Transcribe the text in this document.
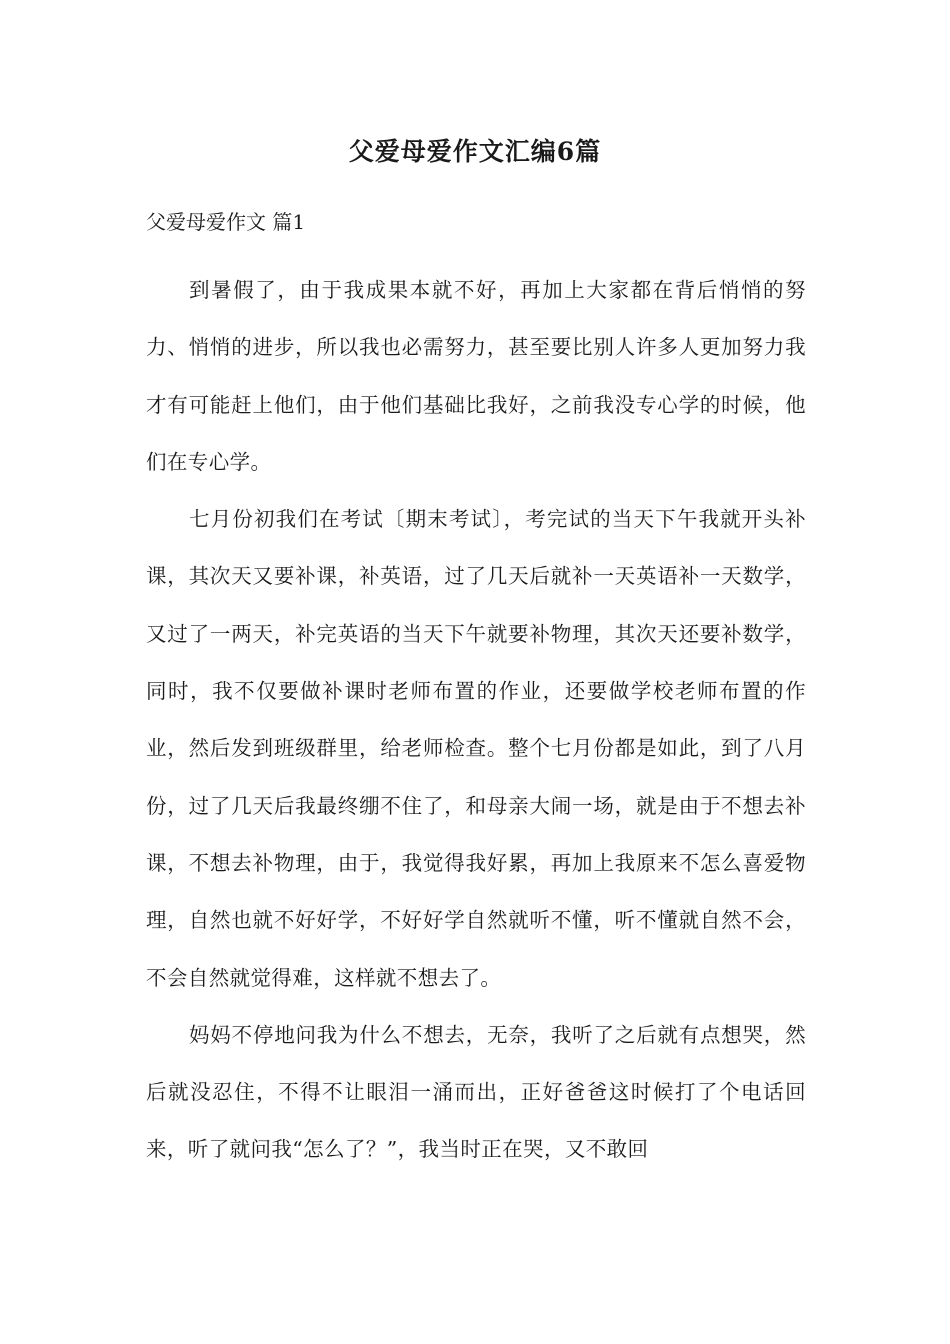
父爱母爱作文汇编6篇
父爱母爱作文 篇1

到暑假了，由于我成果本就不好，再加上大家都在背后悄悄的努力、悄悄的进步，所以我也必需努力，甚至要比别人许多人更加努力我才有可能赶上他们，由于他们基础比我好，之前我没专心学的时候，他们在专心学。

七月份初我们在考试〔期末考试〕，考完试的当天下午我就开头补课，其次天又要补课，补英语，过了几天后就补一天英语补一天数学，又过了一两天，补完英语的当天下午就要补物理，其次天还要补数学，同时，我不仅要做补课时老师布置的作业，还要做学校老师布置的作业，然后发到班级群里，给老师检查。整个七月份都是如此，到了八月份，过了几天后我最终绷不住了，和母亲大闹一场，就是由于不想去补课，不想去补物理，由于，我觉得我好累，再加上我原来不怎么喜爱物理，自然也就不好好学，不好好学自然就听不懂，听不懂就自然不会，不会自然就觉得难，这样就不想去了。

妈妈不停地问我为什么不想去，无奈，我听了之后就有点想哭，然后就没忍住，不得不让眼泪一涌而出，正好爸爸这时候打了个电话回来，听了就问我“怎么了？”，我当时正在哭，又不敢回
